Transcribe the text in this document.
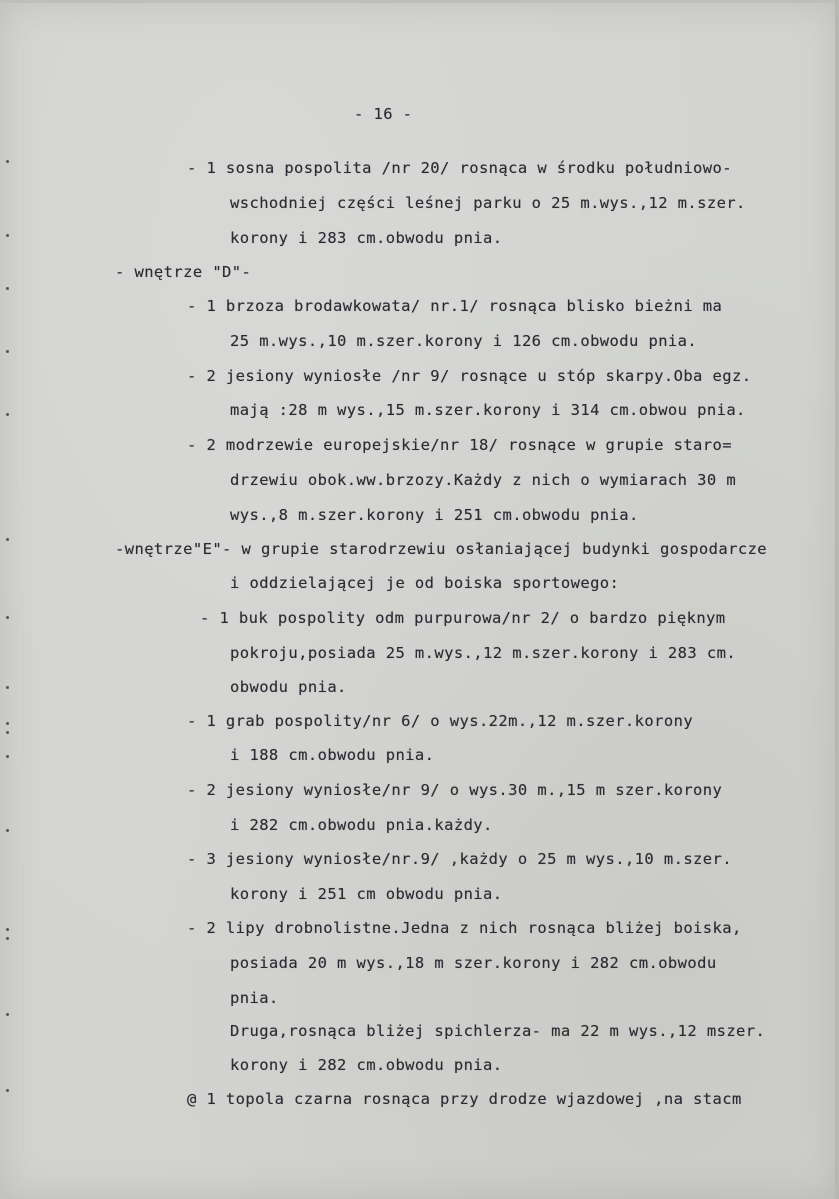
- 16 -
- 1 sosna pospolita /nr 20/ rosnąca w środku południowo-
wschodniej części leśnej parku o 25 m.wys.,12 m.szer.
korony i 283 cm.obwodu pnia.
- wnętrze "D"-
- 1 brzoza brodawkowata/ nr.1/ rosnąca blisko bieżni ma
25 m.wys.,10 m.szer.korony i 126 cm.obwodu pnia.
- 2 jesiony wyniosłe /nr 9/ rosnące u stóp skarpy.Oba egz.
mają :28 m wys.,15 m.szer.korony i 314 cm.obwou pnia.
- 2 modrzewie europejskie/nr 18/ rosnące w grupie staro=
drzewiu obok.ww.brzozy.Każdy z nich o wymiarach 30 m
wys.,8 m.szer.korony i 251 cm.obwodu pnia.
-wnętrze"E"- w grupie starodrzewiu osłaniającej budynki gospodarcze
i oddzielającej je od boiska sportowego:
- 1 buk pospolity odm purpurowa/nr 2/ o bardzo pięknym
pokroju,posiada 25 m.wys.,12 m.szer.korony i 283 cm.
obwodu pnia.
- 1 grab pospolity/nr 6/ o wys.22m.,12 m.szer.korony
i 188 cm.obwodu pnia.
- 2 jesiony wyniosłe/nr 9/ o wys.30 m.,15 m szer.korony
i 282 cm.obwodu pnia.każdy.
- 3 jesiony wyniosłe/nr.9/ ,każdy o 25 m wys.,10 m.szer.
korony i 251 cm obwodu pnia.
- 2 lipy drobnolistne.Jedna z nich rosnąca bliżej boiska,
posiada 20 m wys.,18 m szer.korony i 282 cm.obwodu
pnia.
Druga,rosnąca bliżej spichlerza- ma 22 m wys.,12 mszer.
korony i 282 cm.obwodu pnia.
@ 1 topola czarna rosnąca przy drodze wjazdowej ,na stacm
